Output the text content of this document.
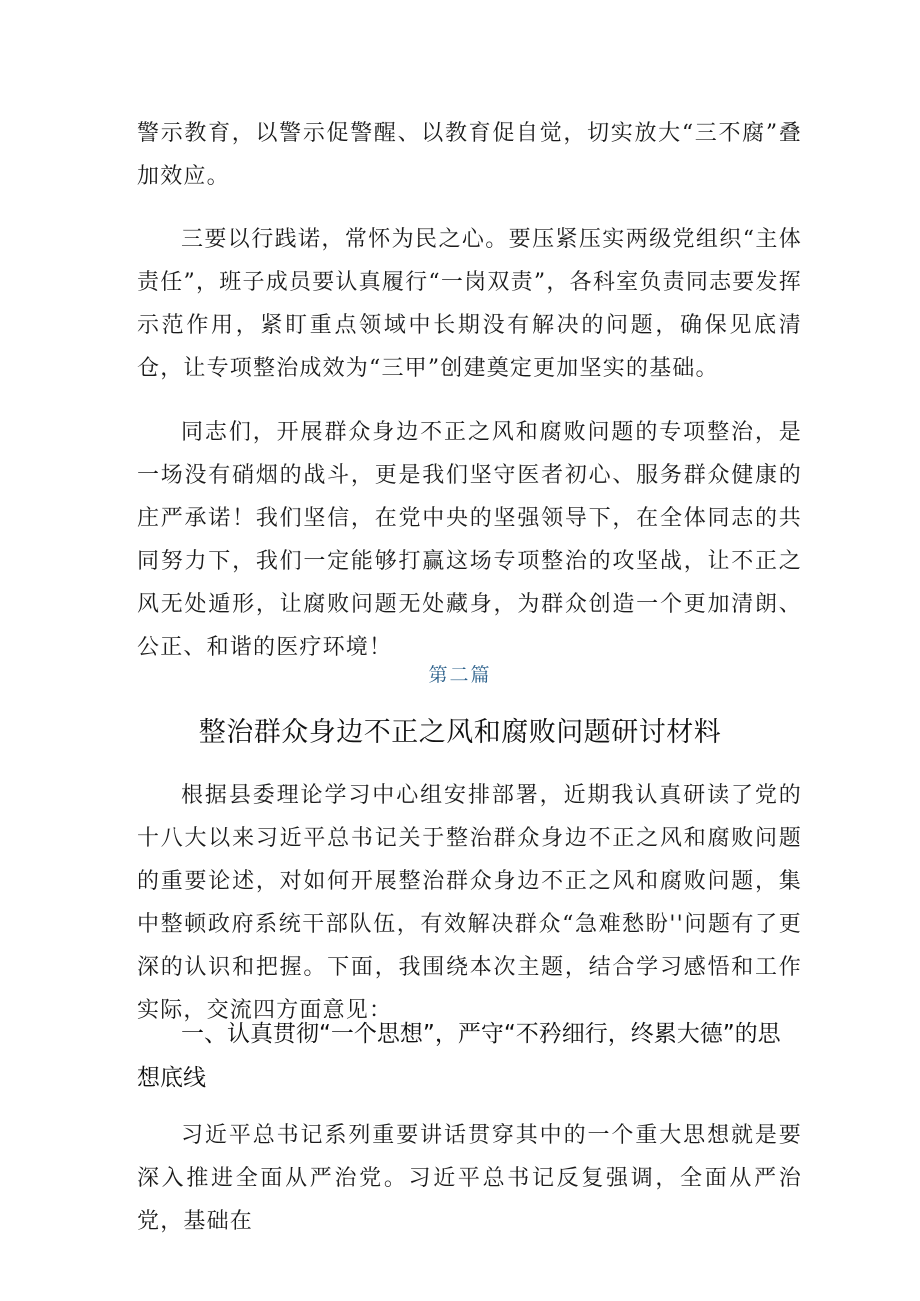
警示教育，以警示促警醒、以教育促自觉，切实放大“三不腐”叠加效应。

三要以行践诺，常怀为民之心。要压紧压实两级党组织“主体责任”，班子成员要认真履行“一岗双责”，各科室负责同志要发挥示范作用，紧盯重点领域中长期没有解决的问题，确保见底清仓，让专项整治成效为“三甲”创建奠定更加坚实的基础。

同志们，开展群众身边不正之风和腐败问题的专项整治，是一场没有硝烟的战斗，更是我们坚守医者初心、服务群众健康的庄严承诺！我们坚信，在党中央的坚强领导下，在全体同志的共同努力下，我们一定能够打赢这场专项整治的攻坚战，让不正之风无处遁形，让腐败问题无处藏身，为群众创造一个更加清朗、公正、和谐的医疗环境！

第二篇
整治群众身边不正之风和腐败问题研讨材料

根据县委理论学习中心组安排部署，近期我认真研读了党的十八大以来习近平总书记关于整治群众身边不正之风和腐败问题的重要论述，对如何开展整治群众身边不正之风和腐败问题，集中整顿政府系统干部队伍，有效解决群众“急难愁盼''问题有了更深的认识和把握。下面，我围绕本次主题，结合学习感悟和工作实际，交流四方面意见：

一、认真贯彻“一个思想”，严守“不矜细行，终累大德”的思想底线

习近平总书记系列重要讲话贯穿其中的一个重大思想就是要深入推进全面从严治党。习近平总书记反复强调，全面从严治党，基础在
